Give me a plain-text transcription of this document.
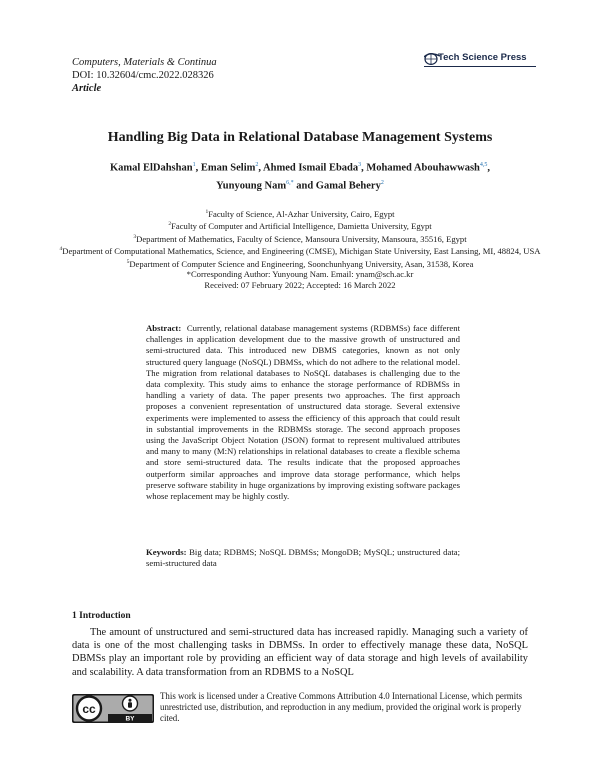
Computers, Materials & Continua
DOI: 10.32604/cmc.2022.028326
Article
Tech Science Press
Handling Big Data in Relational Database Management Systems
Kamal ElDahshan$^1$, Eman Selim$^2$, Ahmed Ismail Ebada$^3$, Mohamed Abouhawwash$^{4,5}$,
Yunyoung Nam$^{6,*}$ and Gamal Behery$^2$
$^1$Faculty of Science, Al-Azhar University, Cairo, Egypt
$^2$Faculty of Computer and Artificial Intelligence, Damietta University, Egypt
$^3$Department of Mathematics, Faculty of Science, Mansoura University, Mansoura, 35516, Egypt
$^4$Department of Computational Mathematics, Science, and Engineering (CMSE), Michigan State University, East Lansing, MI, 48824, USA
$^5$Department of Computer Science and Engineering, Soonchunhyang University, Asan, 31538, Korea
*Corresponding Author: Yunyoung Nam. Email: ynam@sch.ac.kr
Received: 07 February 2022; Accepted: 16 March 2022
Abstract: Currently, relational database management systems (RDBMSs) face different challenges in application development due to the massive growth of unstructured and semi-structured data. This introduced new DBMS categories, known as not only structured query language (NoSQL) DBMSs, which do not adhere to the relational model. The migration from relational databases to NoSQL databases is challenging due to the data complexity. This study aims to enhance the storage performance of RDBMSs in handling a variety of data. The paper presents two approaches. The first approach proposes a convenient representation of unstructured data storage. Several extensive experiments were implemented to assess the efficiency of this approach that could result in substantial improvements in the RDBMSs storage. The second approach proposes using the JavaScript Object Notation (JSON) format to represent multivalued attributes and many to many (M:N) relationships in relational databases to create a flexible schema and store semi-structured data. The results indicate that the proposed approaches outperform similar approaches and improve data storage performance, which helps preserve software stability in huge organizations by improving existing software packages whose replacement may be highly costly.
Keywords: Big data; RDBMS; NoSQL DBMSs; MongoDB; MySQL; unstructured data; semi-structured data
1 Introduction
The amount of unstructured and semi-structured data has increased rapidly. Managing such a variety of data is one of the most challenging tasks in DBMSs. In order to effectively manage these data, NoSQL DBMSs play an important role by providing an efficient way of data storage and high levels of availability and scalability. A data transformation from an RDBMS to a NoSQL
cc
BY
This work is licensed under a Creative Commons Attribution 4.0 International License, which permits unrestricted use, distribution, and reproduction in any medium, provided the original work is properly cited.
